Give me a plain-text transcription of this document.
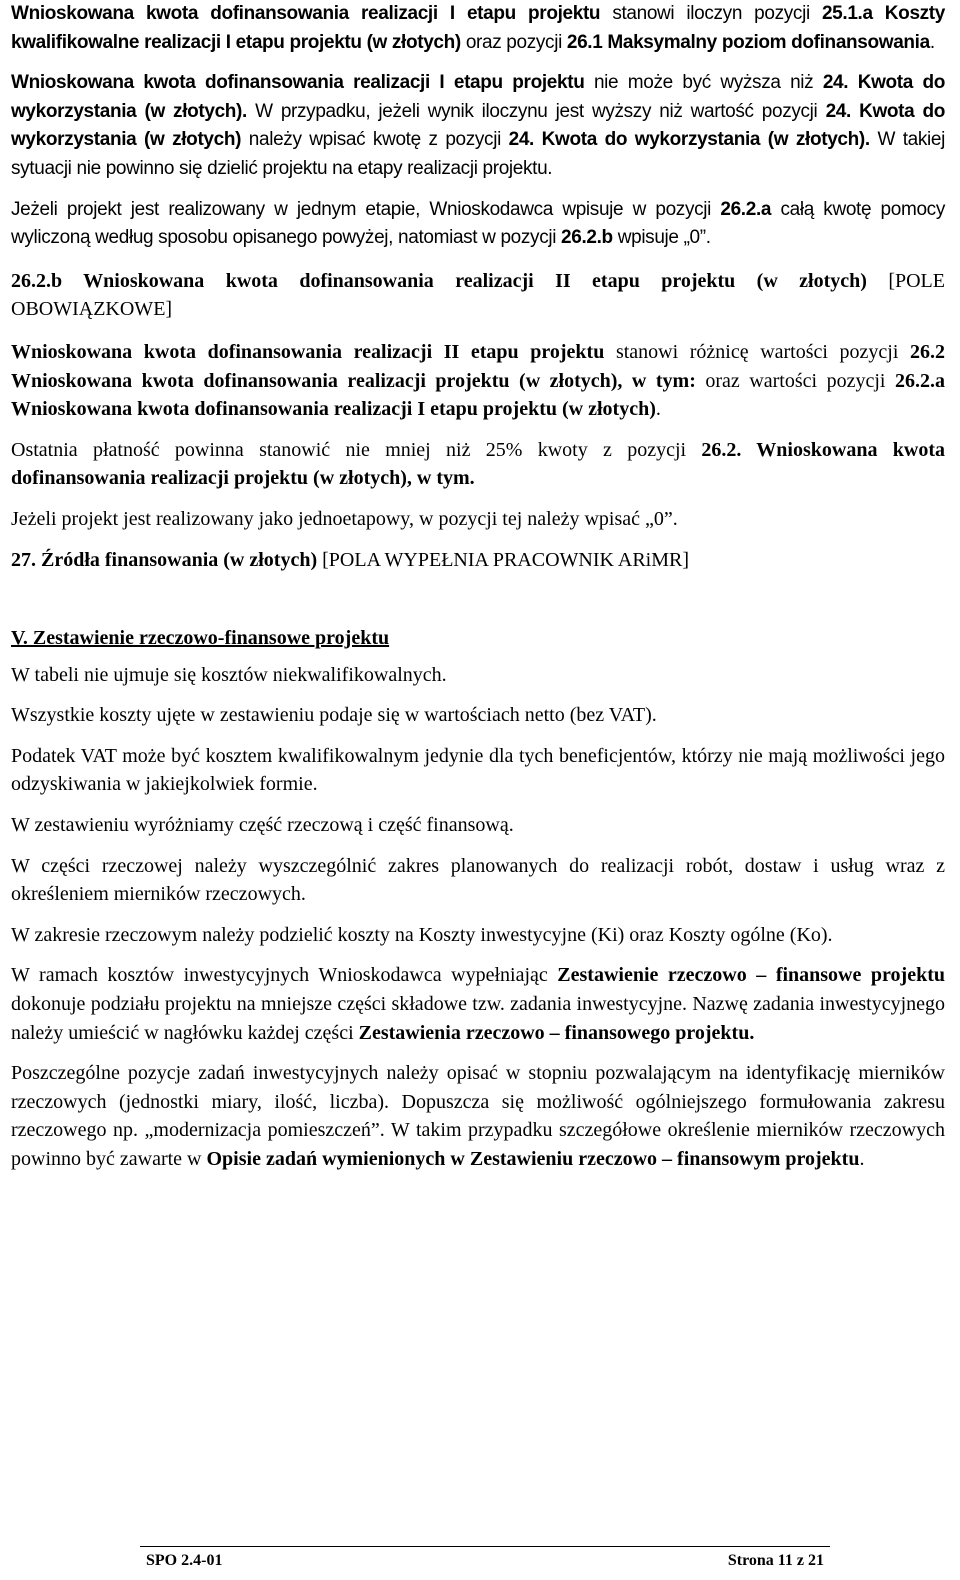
Wnioskowana kwota dofinansowania realizacji I etapu projektu stanowi iloczyn pozycji 25.1.a Koszty kwalifikowalne realizacji I etapu projektu (w złotych) oraz pozycji 26.1 Maksymalny poziom dofinansowania.

Wnioskowana kwota dofinansowania realizacji I etapu projektu nie może być wyższa niż 24. Kwota do wykorzystania (w złotych). W przypadku, jeżeli wynik iloczynu jest wyższy niż wartość pozycji 24. Kwota do wykorzystania (w złotych) należy wpisać kwotę z pozycji 24. Kwota do wykorzystania (w złotych). W takiej sytuacji nie powinno się dzielić projektu na etapy realizacji projektu.

Jeżeli projekt jest realizowany w jednym etapie, Wnioskodawca wpisuje w pozycji 26.2.a całą kwotę pomocy wyliczoną według sposobu opisanego powyżej, natomiast w pozycji 26.2.b wpisuje „0”.

26.2.b Wnioskowana kwota dofinansowania realizacji II etapu projektu (w złotych) [POLE OBOWIĄZKOWE]

Wnioskowana kwota dofinansowania realizacji II etapu projektu stanowi różnicę wartości pozycji 26.2 Wnioskowana kwota dofinansowania realizacji projektu (w złotych), w tym: oraz wartości pozycji 26.2.a Wnioskowana kwota dofinansowania realizacji I etapu projektu (w złotych).

Ostatnia płatność powinna stanowić nie mniej niż 25% kwoty z pozycji 26.2. Wnioskowana kwota dofinansowania realizacji projektu (w złotych), w tym.

Jeżeli projekt jest realizowany jako jednoetapowy, w pozycji tej należy wpisać „0”.

27. Źródła finansowania (w złotych) [POLA WYPEŁNIA PRACOWNIK ARiMR]

V. Zestawienie rzeczowo-finansowe projektu

W tabeli nie ujmuje się kosztów niekwalifikowalnych.

Wszystkie koszty ujęte w zestawieniu podaje się w wartościach netto (bez VAT).

Podatek VAT może być kosztem kwalifikowalnym jedynie dla tych beneficjentów, którzy nie mają możliwości jego odzyskiwania w jakiejkolwiek formie.

W zestawieniu wyróżniamy część rzeczową i część finansową.

W części rzeczowej należy wyszczególnić zakres planowanych do realizacji robót, dostaw i usług wraz z określeniem mierników rzeczowych.

W zakresie rzeczowym należy podzielić koszty na Koszty inwestycyjne (Ki) oraz Koszty ogólne (Ko).

W ramach kosztów inwestycyjnych Wnioskodawca wypełniając Zestawienie rzeczowo – finansowe projektu dokonuje podziału projektu na mniejsze części składowe tzw. zadania inwestycyjne. Nazwę zadania inwestycyjnego należy umieścić w nagłówku każdej części Zestawienia rzeczowo – finansowego projektu.

Poszczególne pozycje zadań inwestycyjnych należy opisać w stopniu pozwalającym na identyfikację mierników rzeczowych (jednostki miary, ilość, liczba). Dopuszcza się możliwość ogólniejszego formułowania zakresu rzeczowego np. „modernizacja pomieszczeń”. W takim przypadku szczegółowe określenie mierników rzeczowych powinno być zawarte w Opisie zadań wymienionych w Zestawieniu rzeczowo – finansowym projektu.

SPO 2.4-01	Strona 11 z 21
